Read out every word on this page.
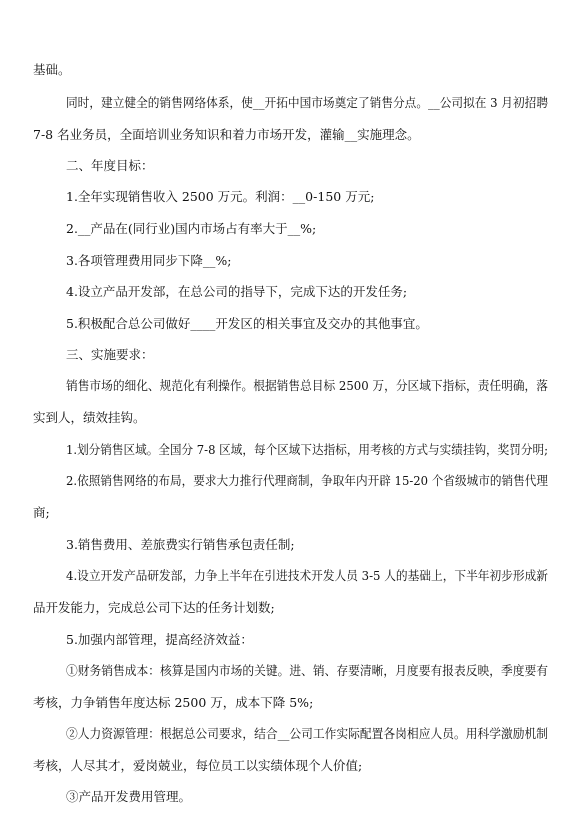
基础。
同时，建立健全的销售网络体系，使__开拓中国市场奠定了销售分点。__公司拟在 3 月初招聘
7-8 名业务员，全面培训业务知识和着力市场开发，灌输__实施理念。
二、年度目标：
1.全年实现销售收入 2500 万元。利润：__0-150 万元;
2.__产品在(同行业)国内市场占有率大于__%;
3.各项管理费用同步下降__%;
4.设立产品开发部，在总公司的指导下，完成下达的开发任务;
5.积极配合总公司做好____开发区的相关事宜及交办的其他事宜。
三、实施要求：
销售市场的细化、规范化有利操作。根据销售总目标 2500 万，分区域下指标，责任明确，落
实到人，绩效挂钩。
1.划分销售区域。全国分 7-8 区域，每个区域下达指标，用考核的方式与实绩挂钩，奖罚分明;
2.依照销售网络的布局，要求大力推行代理商制，争取年内开辟 15-20 个省级城市的销售代理
商;
3.销售费用、差旅费实行销售承包责任制;
4.设立开发产品研发部，力争上半年在引进技术开发人员 3-5 人的基础上，下半年初步形成新
品开发能力，完成总公司下达的任务计划数;
5.加强内部管理，提高经济效益：
①财务销售成本：核算是国内市场的关键。进、销、存要清晰，月度要有报表反映，季度要有
考核，力争销售年度达标 2500 万，成本下降 5%;
②人力资源管理：根据总公司要求，结合__公司工作实际配置各岗相应人员。用科学激励机制
考核，人尽其才，爱岗兢业，每位员工以实绩体现个人价值;
③产品开发费用管理。
